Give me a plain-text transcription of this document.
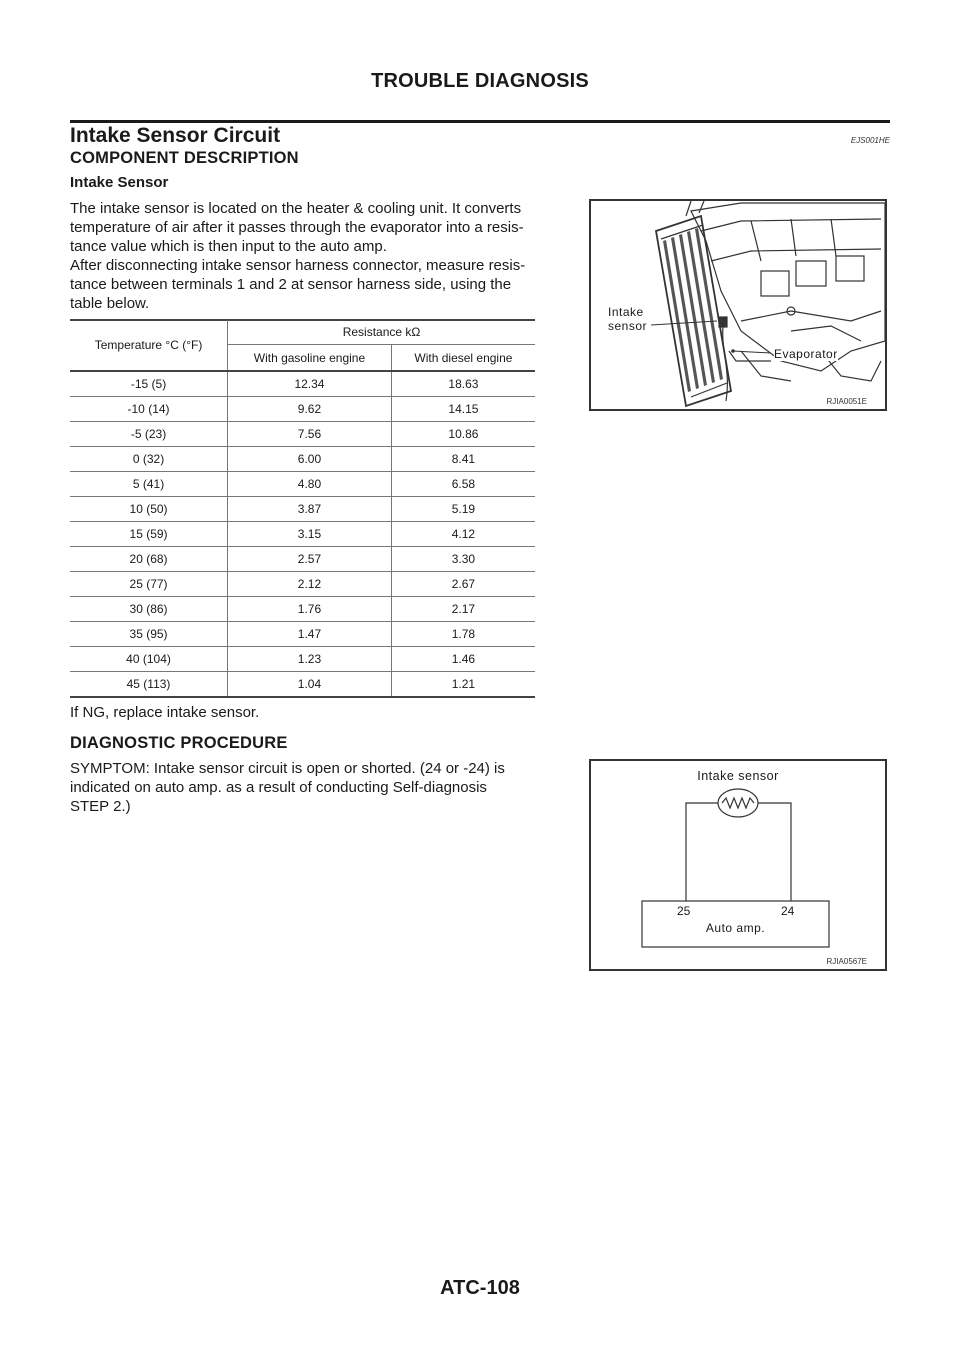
TROUBLE DIAGNOSIS
Intake Sensor Circuit	EJS001HE
COMPONENT DESCRIPTION
Intake Sensor
The intake sensor is located on the heater & cooling unit. It converts
temperature of air after it passes through the evaporator into a resis-
tance value which is then input to the auto amp.
After disconnecting intake sensor harness connector, measure resis-
tance between terminals 1 and 2 at sensor harness side, using the
table below.
Temperature °C (°F)	Resistance kΩ	
	With gasoline engine	With diesel engine
-15 (5)	12.34	18.63
-10 (14)	9.62	14.15
-5 (23)	7.56	10.86
0 (32)	6.00	8.41
5 (41)	4.80	6.58
10 (50)	3.87	5.19
15 (59)	3.15	4.12
20 (68)	2.57	3.30
25 (77)	2.12	2.67
30 (86)	1.76	2.17
35 (95)	1.47	1.78
40 (104)	1.23	1.46
45 (113)	1.04	1.21
If NG, replace intake sensor.
DIAGNOSTIC PROCEDURE
SYMPTOM: Intake sensor circuit is open or shorted. (24 or -24) is
indicated on auto amp. as a result of conducting Self-diagnosis
STEP 2.)
Intake
sensor
Evaporator
RJIA0051E
Intake sensor
25	24
Auto amp.
RJIA0567E
ATC-108
